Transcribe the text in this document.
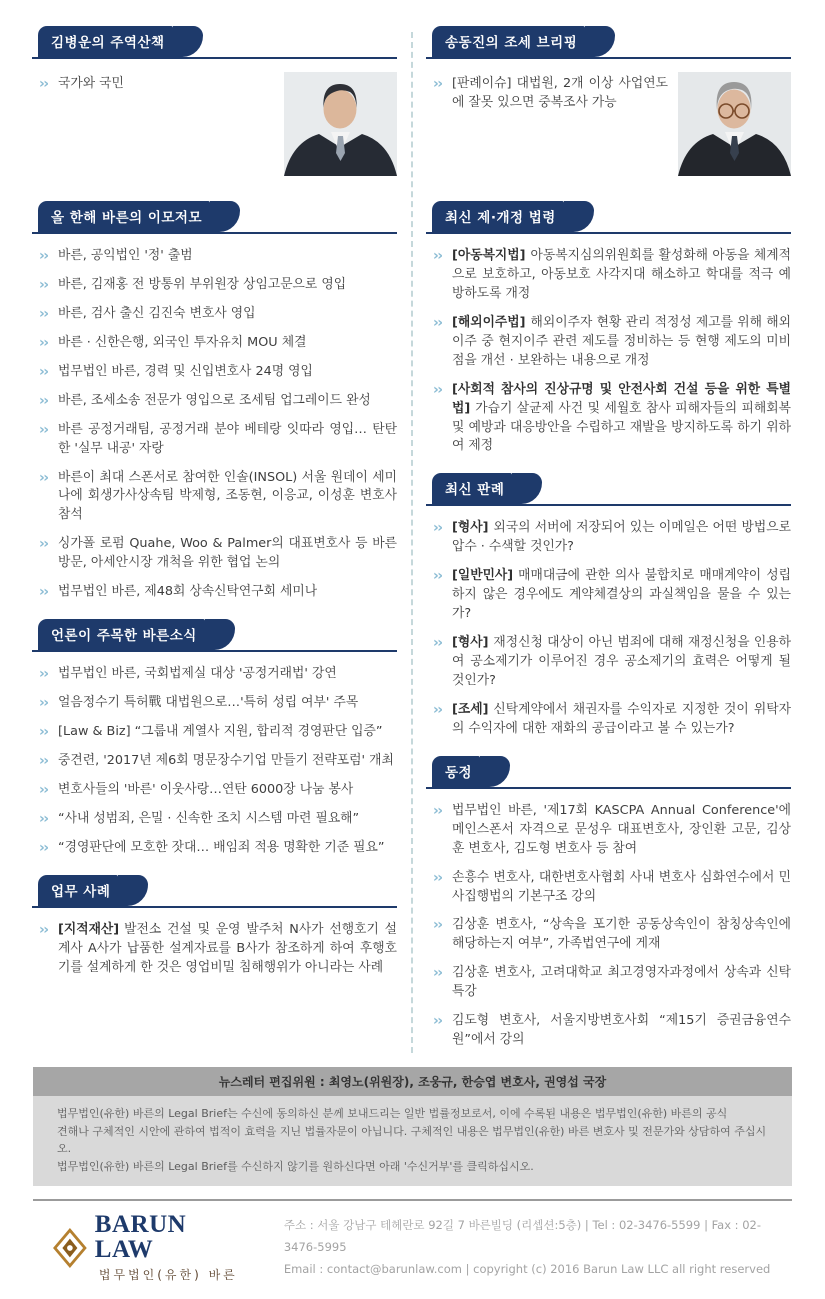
김병운의 주역산책
›› 국가와 국민
올 한해 바른의 이모저모
›› 바른, 공익법인 '정' 출범
›› 바른, 김재홍 전 방통위 부위원장 상임고문으로 영입
›› 바른, 검사 출신 김진숙 변호사 영입
›› 바른 · 신한은행, 외국인 투자유치 MOU 체결
›› 법무법인 바른, 경력 및 신입변호사 24명 영입
›› 바른, 조세소송 전문가 영입으로 조세팀 업그레이드 완성
›› 바른 공정거래팀, 공정거래 분야 베테랑 잇따라 영입… 탄탄한 '실무 내공' 자랑
›› 바른이 최대 스폰서로 참여한 인솔(INSOL) 서울 원데이 세미나에 회생가사상속팀 박제형, 조동현, 이응교, 이성훈 변호사 참석
›› 싱가폴 로펌 Quahe, Woo & Palmer의 대표변호사 등 바른 방문, 아세안시장 개척을 위한 협업 논의
›› 법무법인 바른, 제48회 상속신탁연구회 세미나
언론이 주목한 바른소식
›› 법무법인 바른, 국회법제실 대상 '공정거래법' 강연
›› 얼음정수기 특허戰 대법원으로…'특허 성립 여부' 주목
›› [Law & Biz] “그룹내 계열사 지원, 합리적 경영판단 입증”
›› 중견련, '2017년 제6회 명문장수기업 만들기 전략포럼' 개최
›› 변호사들의 '바른' 이웃사랑…연탄 6000장 나눔 봉사
›› “사내 성범죄, 은밀 · 신속한 조치 시스템 마련 필요해”
›› “경영판단에 모호한 잣대… 배임죄 적용 명확한 기준 필요”
업무 사례
›› [지적재산] 발전소 건설 및 운영 발주처 N사가 선행호기 설계사 A사가 납품한 설계자료를 B사가 참조하게 하여 후행호기를 설계하게 한 것은 영업비밀 침해행위가 아니라는 사례
송동진의 조세 브리핑
›› [판례이슈] 대법원, 2개 이상 사업연도에 잘못 있으면 중복조사 가능
최신 제·개정 법령
›› [아동복지법] 아동복지심의위원회를 활성화해 아동을 체계적으로 보호하고, 아동보호 사각지대 해소하고 학대를 적극 예방하도록 개정
›› [해외이주법] 해외이주자 현황 관리 적정성 제고를 위해 해외이주 중 현지이주 관련 제도를 정비하는 등 현행 제도의 미비점을 개선 · 보완하는 내용으로 개정
›› [사회적 참사의 진상규명 및 안전사회 건설 등을 위한 특별법] 가습기 살균제 사건 및 세월호 참사 피해자들의 피해회복 및 예방과 대응방안을 수립하고 재발을 방지하도록 하기 위하여 제정
최신 판례
›› [형사] 외국의 서버에 저장되어 있는 이메일은 어떤 방법으로 압수 · 수색할 것인가?
›› [일반민사] 매매대금에 관한 의사 불합치로 매매계약이 성립하지 않은 경우에도 계약체결상의 과실책임을 물을 수 있는가?
›› [형사] 재정신청 대상이 아닌 범죄에 대해 재정신청을 인용하여 공소제기가 이루어진 경우 공소제기의 효력은 어떻게 될 것인가?
›› [조세] 신탁계약에서 채권자를 수익자로 지정한 것이 위탁자의 수익자에 대한 재화의 공급이라고 볼 수 있는가?
동정
›› 법무법인 바른, '제17회 KASCPA Annual Conference'에 메인스폰서 자격으로 문성우 대표변호사, 장인환 고문, 김상훈 변호사, 김도형 변호사 등 참여
›› 손흥수 변호사, 대한변호사협회 사내 변호사 심화연수에서 민사집행법의 기본구조 강의
›› 김상훈 변호사, “상속을 포기한 공동상속인이 참칭상속인에 해당하는지 여부”, 가족법연구에 게재
›› 김상훈 변호사, 고려대학교 최고경영자과정에서 상속과 신탁 특강
›› 김도형 변호사, 서울지방변호사회 “제15기 증권금융연수원”에서 강의
뉴스레터 편집위원 : 최영노(위원장), 조웅규, 한승엽 변호사, 권영섭 국장

법무법인(유한) 바른의 Legal Brief는 수신에 동의하신 분께 보내드리는 일반 법률정보로서, 이에 수록된 내용은 법무법인(유한) 바른의 공식

견해나 구체적인 시안에 관하여 법적이 효력을 지닌 법률자문이 아닙니다. 구체적인 내용은 법무법인(유한) 바른 변호사 및 전문가와 상담하여 주십시오.

법무법인(유한) 바른의 Legal Brief를 수신하지 않기를 원하신다면 아래 '수신거부'를 클릭하십시오.

BARUN LAW
법무법인(유한) 바른
주소 : 서울 강남구 테헤란로 92길 7 바른빌딩 (리셉션:5층) | Tel : 02-3476-5599 | Fax : 02-3476-5995
Email : contact@barunlaw.com | copyright (c) 2016 Barun Law LLC all right reserved
